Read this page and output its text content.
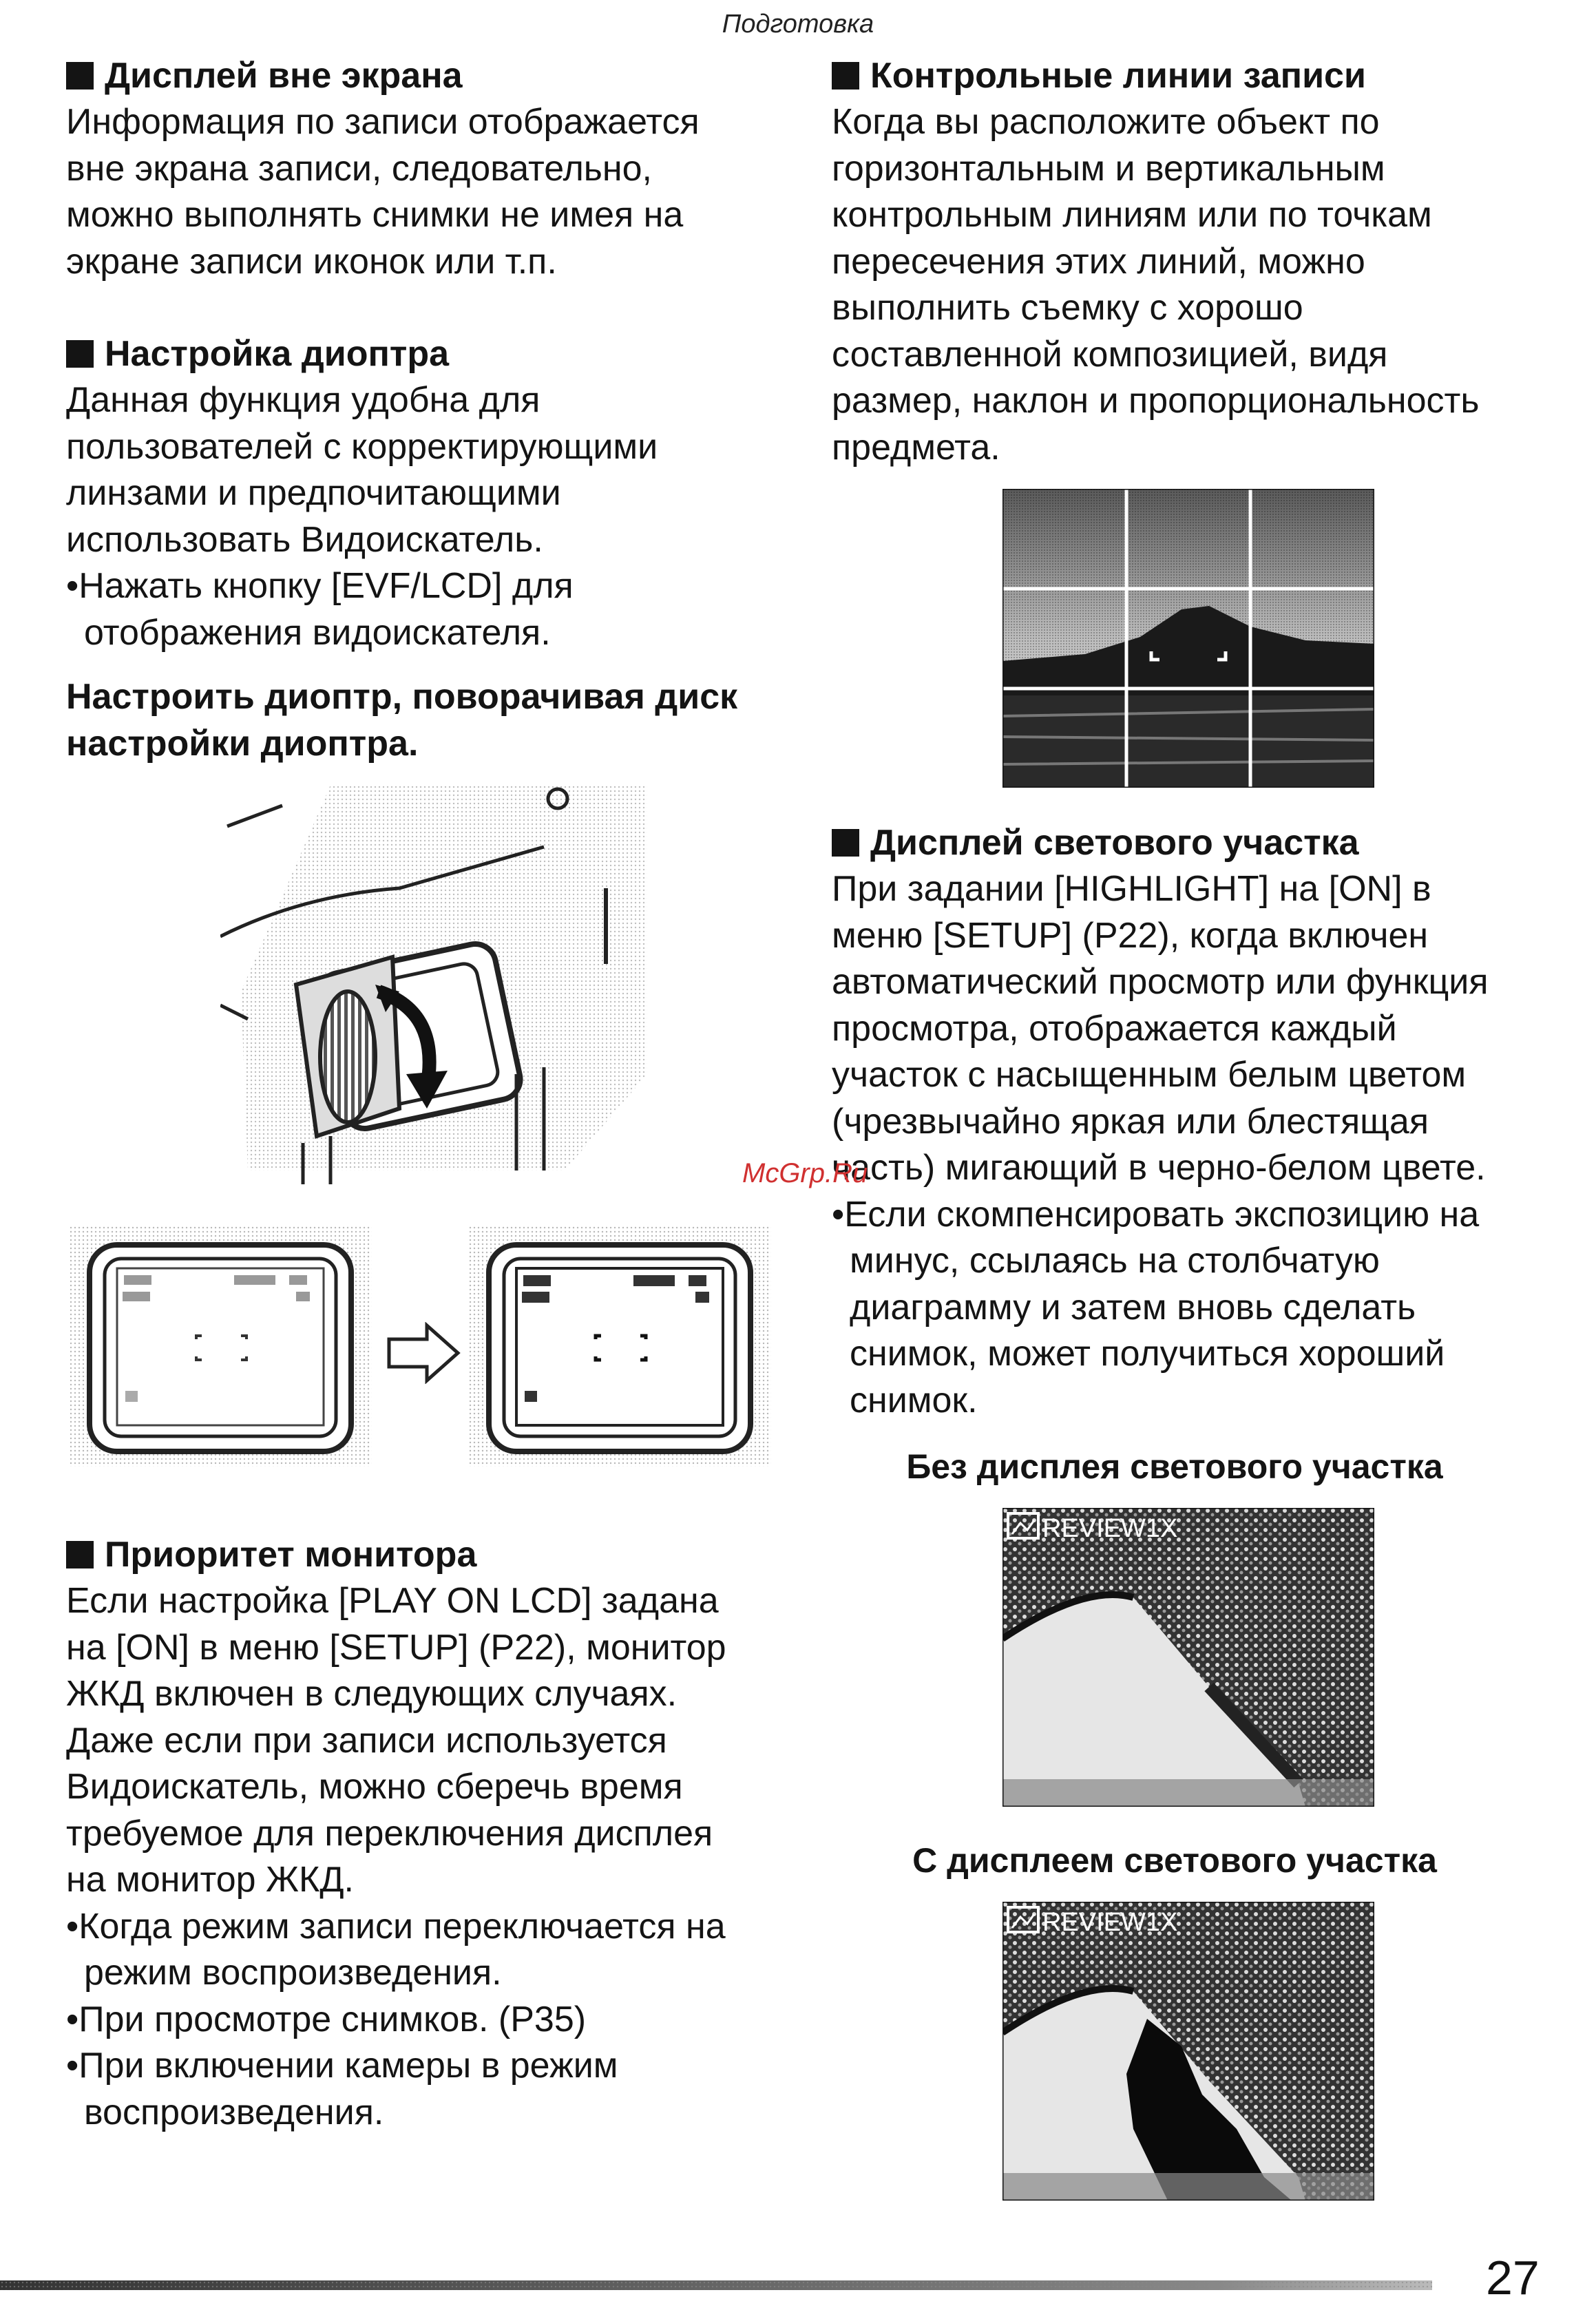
Подготовка
Дисплей вне экрана
Информация по записи отображается
вне экрана записи, следовательно,
можно выполнять снимки не имея на
экране записи иконок или т.п.
Настройка диоптра
Данная функция удобна для
пользователей с корректирующими
линзами и предпочитающими
использовать Видоискатель.
•Нажать кнопку [EVF/LCD] для
отображения видоискателя.
Настроить диоптр, поворачивая диск
настройки диоптра.
Приоритет монитора
Если настройка [PLAY ON LCD] задана
на [ON] в меню [SETUP] (P22), монитор
ЖКД включен в следующих случаях.
Даже если при записи используется
Видоискатель, можно сберечь время
требуемое для переключения дисплея
на монитор ЖКД.
•Когда режим записи переключается на
режим воспроизведения.
•При просмотре снимков. (P35)
•При включении камеры в режим
воспроизведения.
Контрольные линии записи
Когда вы расположите объект по
горизонтальным и вертикальным
контрольным линиям или по точкам
пересечения этих линий, можно
выполнить съемку с хорошо
составленной композицией, видя
размер, наклон и пропорциональность
предмета.
Дисплей светового участка
При задании [HIGHLIGHT] на [ON] в
меню [SETUP] (P22), когда включен
автоматический просмотр или функция
просмотра, отображается каждый
участок с насыщенным белым цветом
(чрезвычайно яркая или блестящая
часть) мигающий в черно-белом цвете.
•Если скомпенсировать экспозицию на
минус, ссылаясь на столбчатую
диаграмму и затем вновь сделать
снимок, может получиться хороший
снимок.
McGrp.Ru
Без дисплея светового участка
REVIEW1X
С дисплеем светового участка
REVIEW1X
27
